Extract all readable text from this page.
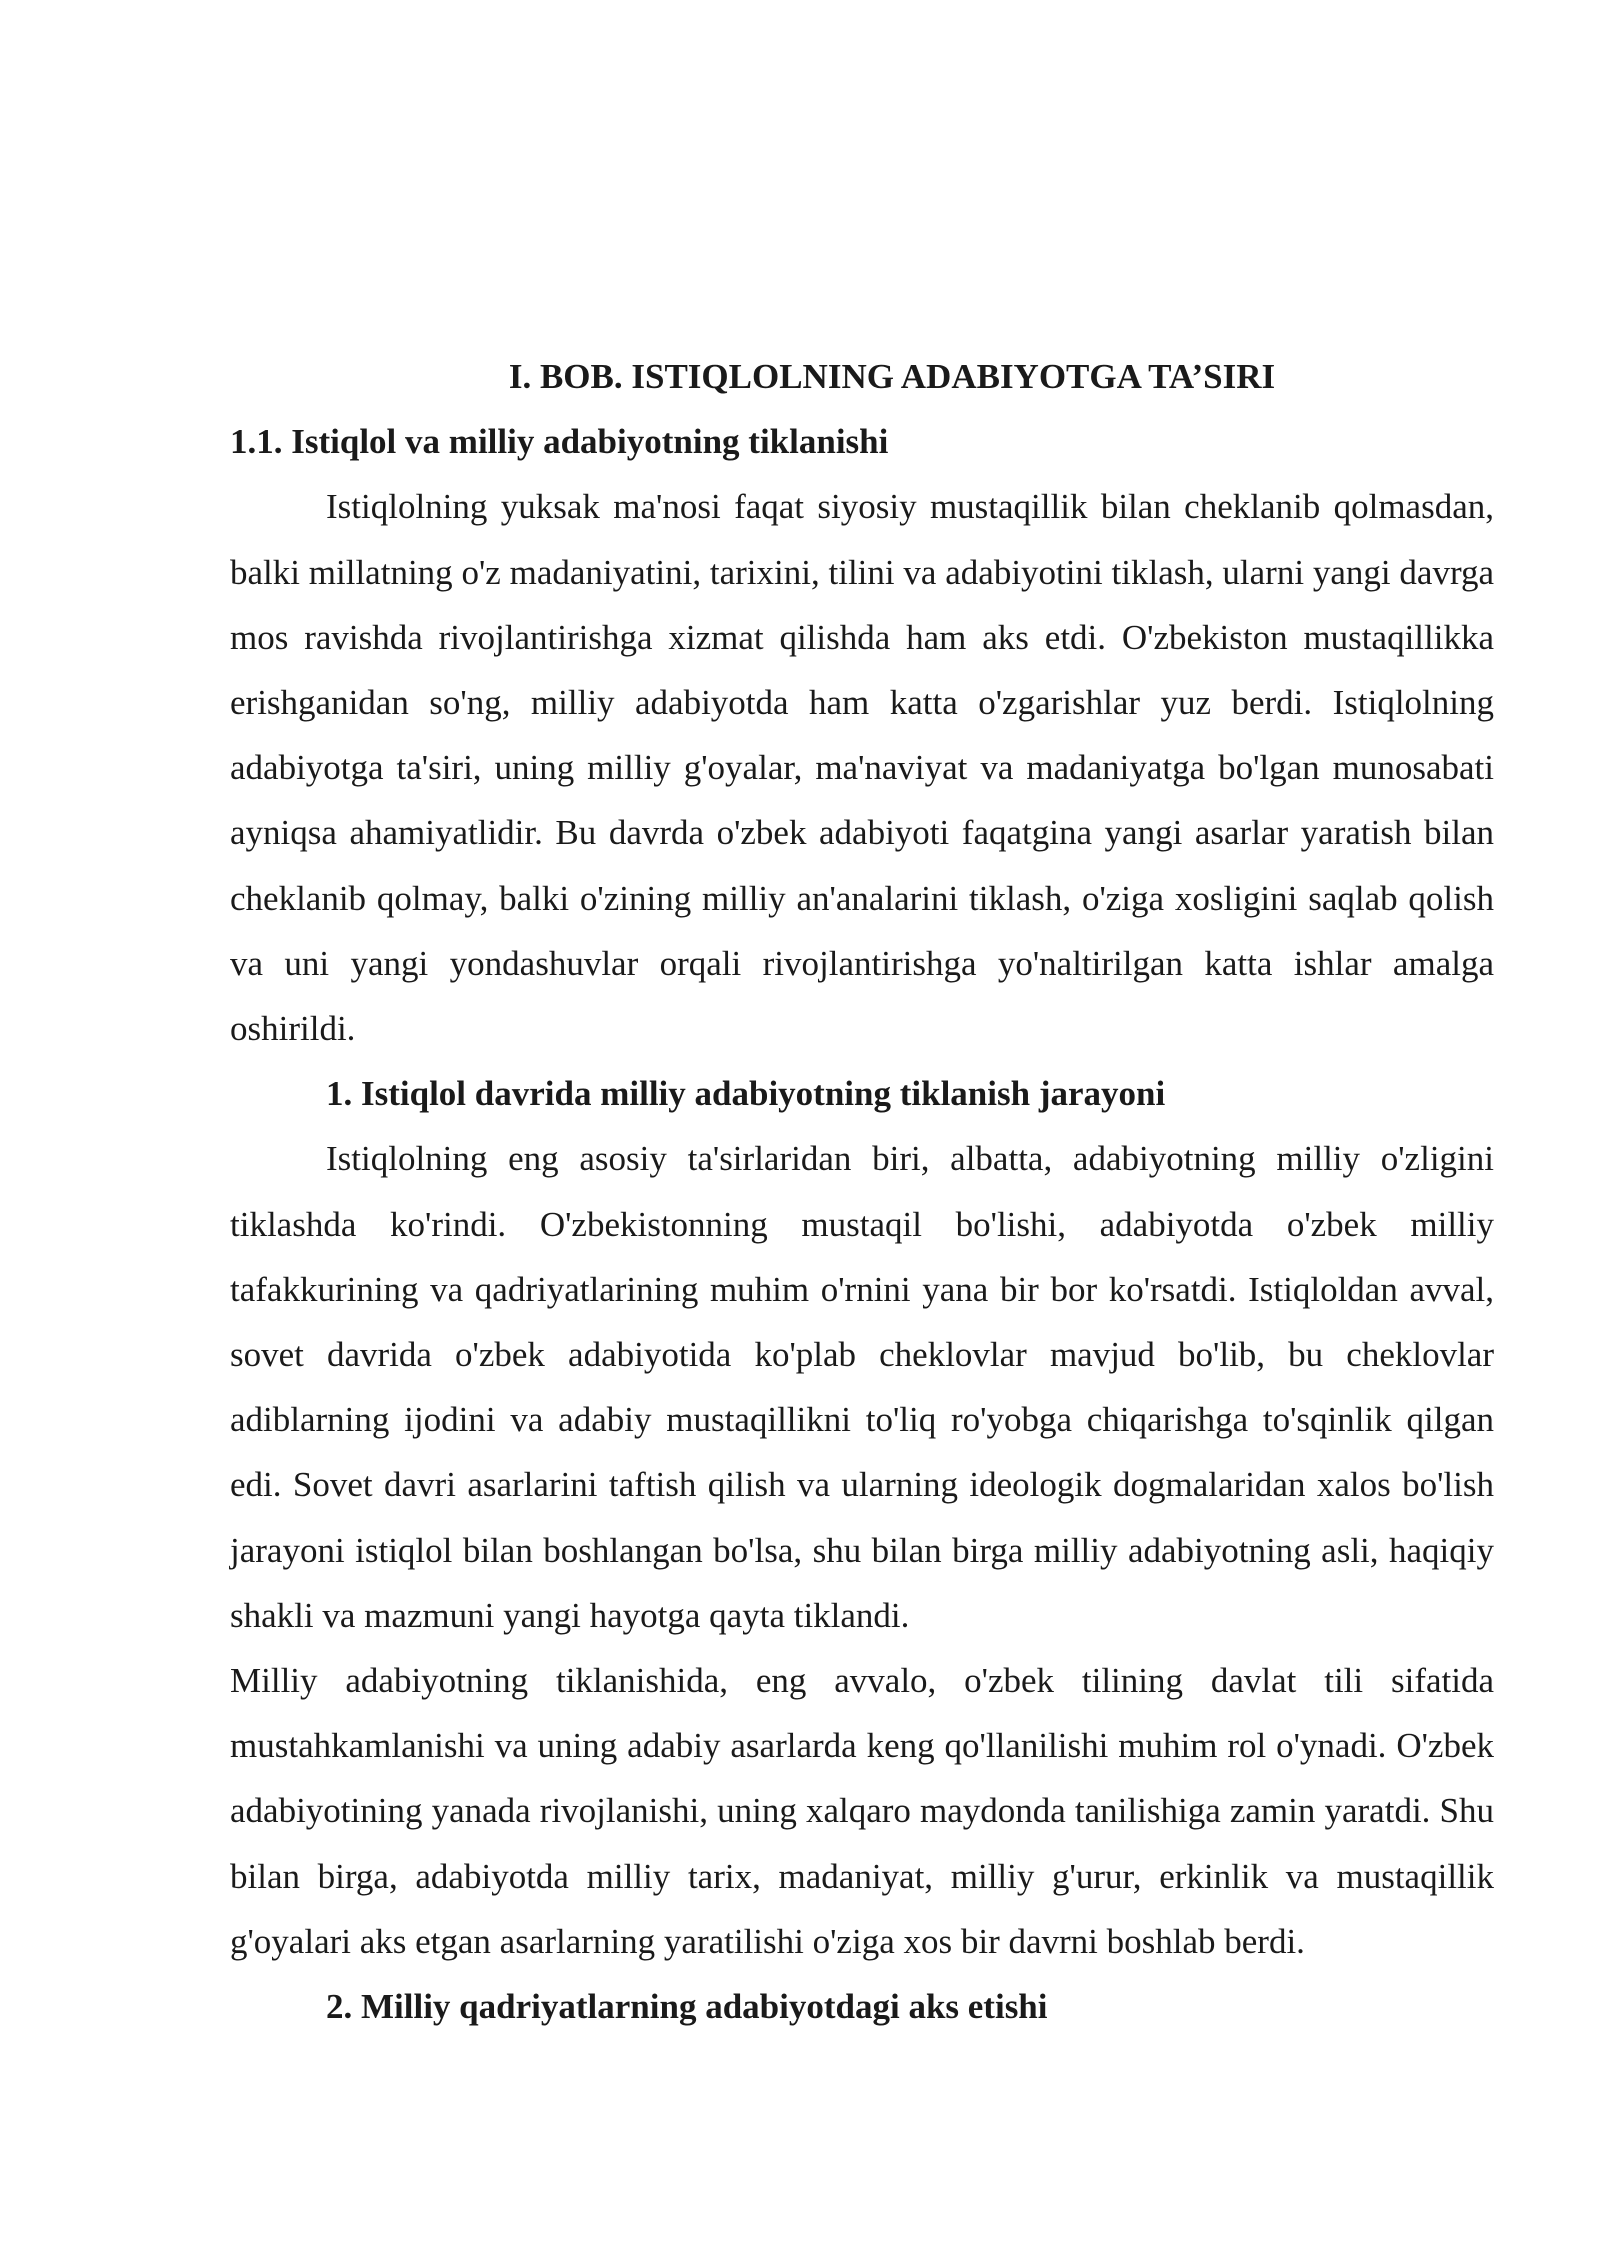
I. BOB. ISTIQLOLNING ADABIYOTGA TA’SIRI

1.1. Istiqlol va milliy adabiyotning tiklanishi

Istiqlolning yuksak ma'nosi faqat siyosiy mustaqillik bilan cheklanib qolmasdan, balki millatning o'z madaniyatini, tarixini, tilini va adabiyotini tiklash, ularni yangi davrga mos ravishda rivojlantirishga xizmat qilishda ham aks etdi. O'zbekiston mustaqillikka erishganidan so'ng, milliy adabiyotda ham katta o'zgarishlar yuz berdi. Istiqlolning adabiyotga ta'siri, uning milliy g'oyalar, ma'naviyat va madaniyatga bo'lgan munosabati ayniqsa ahamiyatlidir. Bu davrda o'zbek adabiyoti faqatgina yangi asarlar yaratish bilan cheklanib qolmay, balki o'zining milliy an'analarini tiklash, o'ziga xosligini saqlab qolish va uni yangi yondashuvlar orqali rivojlantirishga yo'naltirilgan katta ishlar amalga oshirildi.

1. Istiqlol davrida milliy adabiyotning tiklanish jarayoni

Istiqlolning eng asosiy ta'sirlaridan biri, albatta, adabiyotning milliy o'zligini tiklashda ko'rindi. O'zbekistonning mustaqil bo'lishi, adabiyotda o'zbek milliy tafakkurining va qadriyatlarining muhim o'rnini yana bir bor ko'rsatdi. Istiqloldan avval, sovet davrida o'zbek adabiyotida ko'plab cheklovlar mavjud bo'lib, bu cheklovlar adiblarning ijodini va adabiy mustaqillikni to'liq ro'yobga chiqarishga to'sqinlik qilgan edi. Sovet davri asarlarini taftish qilish va ularning ideologik dogmalaridan xalos bo'lish jarayoni istiqlol bilan boshlangan bo'lsa, shu bilan birga milliy adabiyotning asli, haqiqiy shakli va mazmuni yangi hayotga qayta tiklandi.

Milliy adabiyotning tiklanishida, eng avvalo, o'zbek tilining davlat tili sifatida mustahkamlanishi va uning adabiy asarlarda keng qo'llanilishi muhim rol o'ynadi. O'zbek adabiyotining yanada rivojlanishi, uning xalqaro maydonda tanilishiga zamin yaratdi. Shu bilan birga, adabiyotda milliy tarix, madaniyat, milliy g'urur, erkinlik va mustaqillik g'oyalari aks etgan asarlarning yaratilishi o'ziga xos bir davrni boshlab berdi.

2. Milliy qadriyatlarning adabiyotdagi aks etishi
